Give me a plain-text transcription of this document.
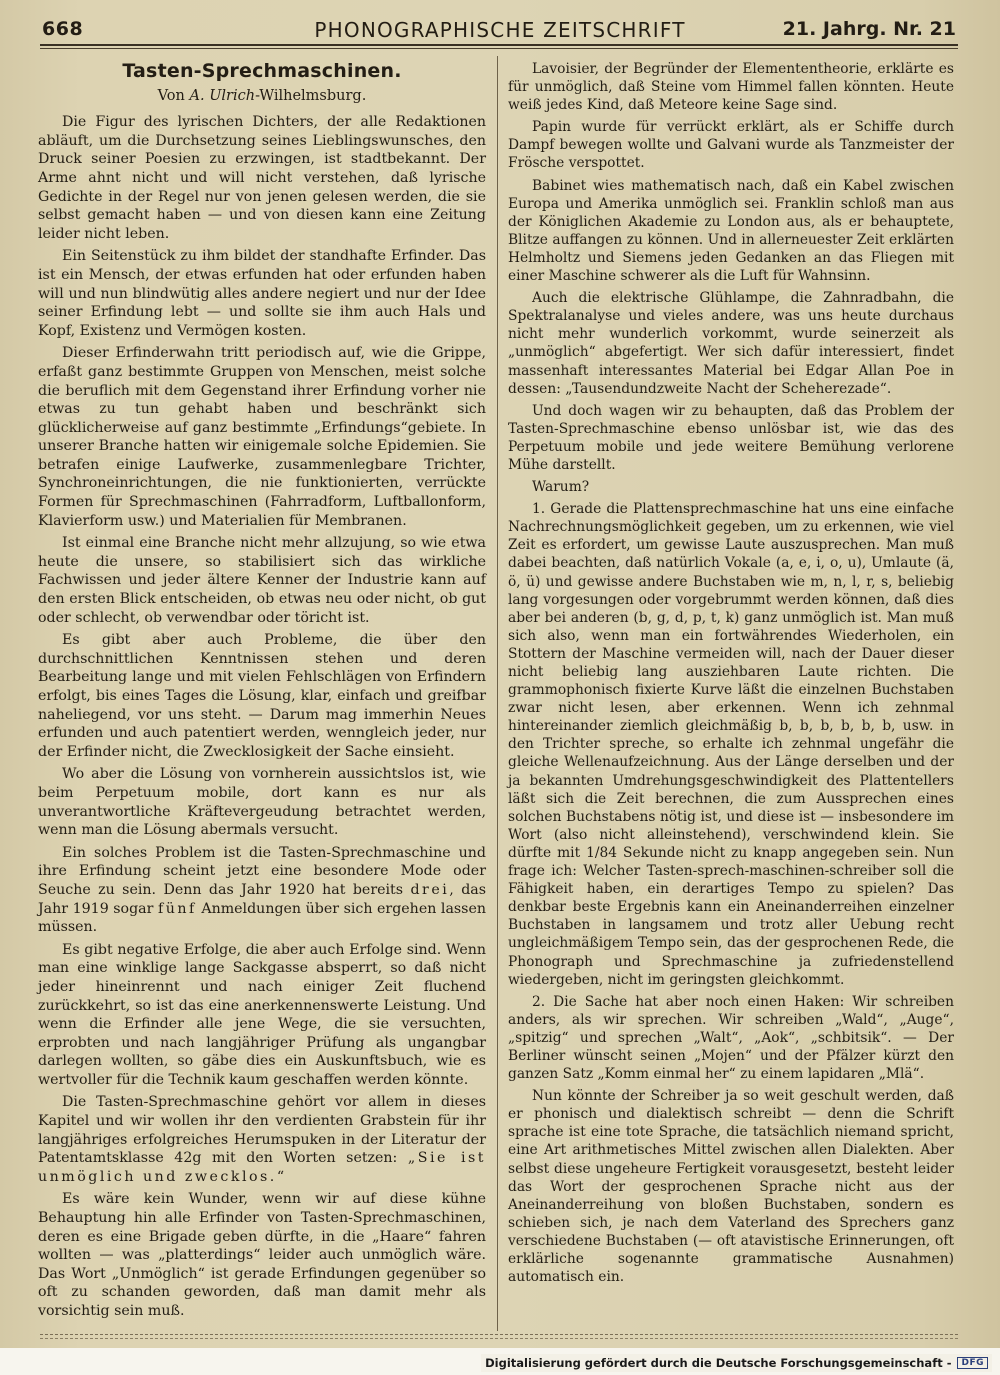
668	PHONOGRAPHISCHE ZEITSCHRIFT	21. Jahrg. Nr. 21
Tasten-Sprechmaschinen.
Von A. Ulrich-Wilhelmsburg.

Die Figur des lyrischen Dichters, der alle Redaktionen abläuft, um die Durchsetzung seines Lieblingswunsches, den Druck seiner Poesien zu erzwingen, ist stadtbekannt. Der Arme ahnt nicht und will nicht verstehen, daß lyrische Gedichte in der Regel nur von jenen gelesen werden, die sie selbst gemacht haben — und von diesen kann eine Zeitung leider nicht leben.

Ein Seitenstück zu ihm bildet der standhafte Erfinder. Das ist ein Mensch, der etwas erfunden hat oder erfunden haben will und nun blindwütig alles andere negiert und nur der Idee seiner Erfindung lebt — und sollte sie ihm auch Hals und Kopf, Existenz und Vermögen kosten.

Dieser Erfinderwahn tritt periodisch auf, wie die Grippe, erfaßt ganz bestimmte Gruppen von Menschen, meist solche die beruflich mit dem Gegenstand ihrer Erfindung vorher nie etwas zu tun gehabt haben und beschränkt sich glücklicherweise auf ganz bestimmte „Erfindungs“gebiete. In unserer Branche hatten wir einigemale solche Epidemien. Sie betrafen einige Laufwerke, zusammenlegbare Trichter, Synchroneinrichtungen, die nie funktionierten, verrückte Formen für Sprechmaschinen (Fahrradform, Luftballonform, Klavierform usw.) und Materialien für Membranen.

Ist einmal eine Branche nicht mehr allzujung, so wie etwa heute die unsere, so stabilisiert sich das wirkliche Fachwissen und jeder ältere Kenner der Industrie kann auf den ersten Blick entscheiden, ob etwas neu oder nicht, ob gut oder schlecht, ob verwendbar oder töricht ist.

Es gibt aber auch Probleme, die über den durchschnittlichen Kenntnissen stehen und deren Bearbeitung lange und mit vielen Fehlschlägen von Erfindern erfolgt, bis eines Tages die Lösung, klar, einfach und greifbar naheliegend, vor uns steht. — Darum mag immerhin Neues erfunden und auch patentiert werden, wenngleich jeder, nur der Erfinder nicht, die Zwecklosigkeit der Sache einsieht.

Wo aber die Lösung von vornherein aussichtslos ist, wie beim Perpetuum mobile, dort kann es nur als unverantwortliche Kräftevergeudung betrachtet werden, wenn man die Lösung abermals versucht.

Ein solches Problem ist die Tasten-Sprechmaschine und ihre Erfindung scheint jetzt eine besondere Mode oder Seuche zu sein. Denn das Jahr 1920 hat bereits drei, das Jahr 1919 sogar fünf Anmeldungen über sich ergehen lassen müssen.

Es gibt negative Erfolge, die aber auch Erfolge sind. Wenn man eine winklige lange Sackgasse absperrt, so daß nicht jeder hineinrennt und nach einiger Zeit fluchend zurückkehrt, so ist das eine anerkennenswerte Leistung. Und wenn die Erfinder alle jene Wege, die sie versuchten, erprobten und nach langjähriger Prüfung als ungangbar darlegen wollten, so gäbe dies ein Auskunftsbuch, wie es wertvoller für die Technik kaum geschaffen werden könnte.

Die Tasten-Sprechmaschine gehört vor allem in dieses Kapitel und wir wollen ihr den verdienten Grabstein für ihr langjähriges erfolgreiches Herumspuken in der Literatur der Patentamtsklasse 42g mit den Worten setzen: „Sie ist unmöglich und zwecklos.“

Es wäre kein Wunder, wenn wir auf diese kühne Behauptung hin alle Erfinder von Tasten-Sprechmaschinen, deren es eine Brigade geben dürfte, in die „Haare“ fahren wollten — was „platterdings“ leider auch unmöglich wäre. Das Wort „Unmöglich“ ist gerade Erfindungen gegenüber so oft zu schanden geworden, daß man damit mehr als vorsichtig sein muß.

Lavoisier, der Begründer der Elemententheorie, erklärte es für unmöglich, daß Steine vom Himmel fallen könnten. Heute weiß jedes Kind, daß Meteore keine Sage sind.

Papin wurde für verrückt erklärt, als er Schiffe durch Dampf bewegen wollte und Galvani wurde als Tanzmeister der Frösche verspottet.

Babinet wies mathematisch nach, daß ein Kabel zwischen Europa und Amerika unmöglich sei. Franklin schloß man aus der Königlichen Akademie zu London aus, als er behauptete, Blitze auffangen zu können. Und in allerneuester Zeit erklärten Helmholtz und Siemens jeden Gedanken an das Fliegen mit einer Maschine schwerer als die Luft für Wahnsinn.

Auch die elektrische Glühlampe, die Zahnradbahn, die Spektralanalyse und vieles andere, was uns heute durchaus nicht mehr wunderlich vorkommt, wurde seinerzeit als „unmöglich“ abgefertigt. Wer sich dafür interessiert, findet massenhaft interessantes Material bei Edgar Allan Poe in dessen: „Tausendundzweite Nacht der Scheherezade“.

Und doch wagen wir zu behaupten, daß das Problem der Tasten-Sprechmaschine ebenso unlösbar ist, wie das des Perpetuum mobile und jede weitere Bemühung verlorene Mühe darstellt.

Warum?

1. Gerade die Plattensprechmaschine hat uns eine einfache Nachrechnungsmöglichkeit gegeben, um zu erkennen, wie viel Zeit es erfordert, um gewisse Laute auszusprechen. Man muß dabei beachten, daß natürlich Vokale (a, e, i, o, u), Umlaute (ä, ö, ü) und gewisse andere Buchstaben wie m, n, l, r, s, beliebig lang vorgesungen oder vorgebrummt werden können, daß dies aber bei anderen (b, g, d, p, t, k) ganz unmöglich ist. Man muß sich also, wenn man ein fortwährendes Wiederholen, ein Stottern der Maschine vermeiden will, nach der Dauer dieser nicht beliebig lang ausziehbaren Laute richten. Die grammophonisch fixierte Kurve läßt die einzelnen Buchstaben zwar nicht lesen, aber erkennen. Wenn ich zehnmal hintereinander ziemlich gleichmäßig b, b, b, b, b, b, usw. in den Trichter spreche, so erhalte ich zehnmal ungefähr die gleiche Wellenaufzeichnung. Aus der Länge derselben und der ja bekannten Umdrehungsgeschwindigkeit des Plattentellers läßt sich die Zeit berechnen, die zum Aussprechen eines solchen Buchstabens nötig ist, und diese ist — insbesondere im Wort (also nicht alleinstehend), verschwindend klein. Sie dürfte mit 1/84 Sekunde nicht zu knapp angegeben sein. Nun frage ich: Welcher Tasten-sprech-maschinen-schreiber soll die Fähigkeit haben, ein derartiges Tempo zu spielen? Das denkbar beste Ergebnis kann ein Aneinanderreihen einzelner Buchstaben in langsamem und trotz aller Uebung recht ungleichmäßigem Tempo sein, das der gesprochenen Rede, die Phonograph und Sprechmaschine ja zufriedenstellend wiedergeben, nicht im geringsten gleichkommt.

2. Die Sache hat aber noch einen Haken: Wir schreiben anders, als wir sprechen. Wir schreiben „Wald“, „Auge“, „spitzig“ und sprechen „Walt“, „Aok“, „schbitsik“. — Der Berliner wünscht seinen „Mojen“ und der Pfälzer kürzt den ganzen Satz „Komm einmal her“ zu einem lapidaren „Mlä“.

Nun könnte der Schreiber ja so weit geschult werden, daß er phonisch und dialektisch schreibt — denn die Schrift sprache ist eine tote Sprache, die tatsächlich niemand spricht, eine Art arithmetisches Mittel zwischen allen Dialekten. Aber selbst diese ungeheure Fertigkeit vorausgesetzt, besteht leider das Wort der gesprochenen Sprache nicht aus der Aneinanderreihung von bloßen Buchstaben, sondern es schieben sich, je nach dem Vaterland des Sprechers ganz verschiedene Buchstaben (— oft atavistische Erinnerungen, oft erklärliche sogenannte grammatische Ausnahmen) automatisch ein.

Digitalisierung gefördert durch die Deutsche Forschungsgemeinschaft -	DFG
